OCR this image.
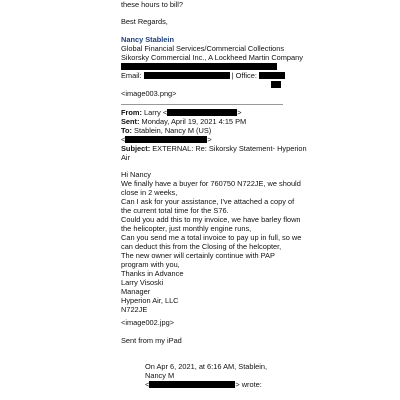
these hours to bill?
Best Regards,
Nancy Stablein
Global Financial Services/Commercial Collections
Sikorsky Commercial Inc., A Lockheed Martin Company
Email:	| Office:
<image003.png>
From: Larry <	>
Sent: Monday, April 19, 2021 4:15 PM
To: Stablein, Nancy M (US)
<	>
Subject: EXTERNAL: Re: Sikorsky Statement- Hyperion
Air
Hi Nancy
We finally have a buyer for 760750 N722JE, we should
close in 2 weeks,
Can I ask for your assistance, I've attached a copy of
the current total time for the S76.
Could you add this to my invoice, we have barley flown
the helicopter, just monthly engine runs,
Can you send me a total invoice to pay up in full, so we
can deduct this from the Closing of the helcopter,
The new owner will certainly continue with PAP
program with you,
Thanks in Advance
Larry Visoski
Manager
Hyperion Air, LLC
N722JE
<image002.jpg>
Sent from my iPad
On Apr 6, 2021, at 6:16 AM, Stablein,
Nancy M
<	> wrote:
